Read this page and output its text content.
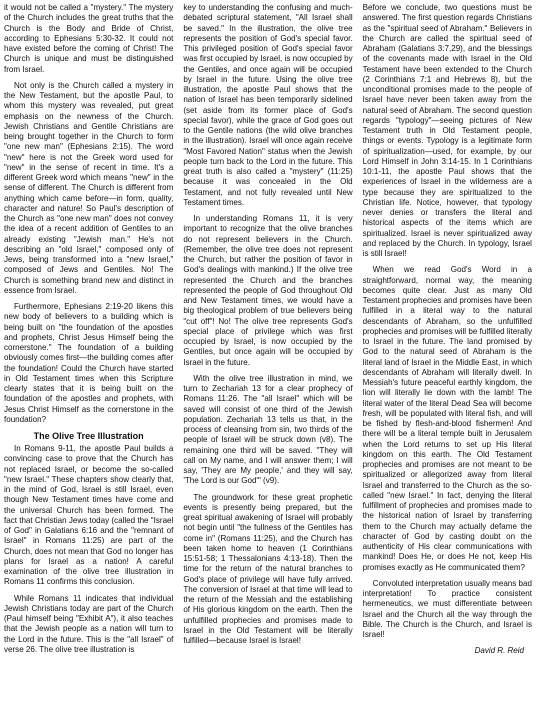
it would not be called a "mystery." The mystery of the Church includes the great truths that the Church is the Body and Bride of Christ, according to Ephesians 5:30-32. It could not have existed before the coming of Christ! The Church is unique and must be distinguished from Israel.

Not only is the Church called a mystery in the New Testament, but the apostle Paul, to whom this mystery was revealed, put great emphasis on the newness of the Church. Jewish Christians and Gentile Christians are being brought together in the Church to form "one new man" (Ephesians 2:15). The word "new" here is not the Greek word used for "new" in the sense of recent in time. It's a different Greek word which means "new" in the sense of different. The Church is different from anything which came before—in form, quality, character and nature! So Paul's description of the Church as "one new man" does not convey the idea of a recent addition of Gentiles to an already existing "Jewish man." He's not describing an "old Israel," composed only of Jews, being transformed into a "new Israel," composed of Jews and Gentiles. No! The Church is something brand new and distinct in essence from Israel.

Furthermore, Ephesians 2:19-20 likens this new body of believers to a building which is being built on "the foundation of the apostles and prophets, Christ Jesus Himself being the cornerstone." The foundation of a building obviously comes first—the building comes after the foundation! Could the Church have started in Old Testament times when this Scripture clearly states that it is being built on the foundation of the apostles and prophets, with Jesus Christ Himself as the cornerstone in the foundation?

The Olive Tree Illustration

In Romans 9-11, the apostle Paul builds a convincing case to prove that the Church has not replaced Israel, or become the so-called "new Israel." These chapters show clearly that, in the mind of God, Israel is still Israel, even though New Testament times have come and the universal Church has been formed. The fact that Christian Jews today (called the "Israel of God" in Galatians 6:16 and the "remnant of Israel" in Romans 11:25) are part of the Church, does not mean that God no longer has plans for Israel as a nation! A careful examination of the olive tree illustration in Romans 11 confirms this conclusion.

While Romans 11 indicates that individual Jewish Christians today are part of the Church (Paul himself being "Exhibit A"), it also teaches that the Jewish people as a nation will turn to the Lord in the future. This is the "all Israel" of verse 26. The olive tree illustration is

key to understanding the confusing and much-debated scriptural statement, "All Israel shall be saved." In the illustration, the olive tree represents the position of God's special favor. This privileged position of God's special favor was first occupied by Israel, is now occupied by the Gentiles, and once again will be occupied by Israel in the future. Using the olive tree illustration, the apostle Paul shows that the nation of Israel has been temporarily sidelined (set aside from its former place of God's special favor), while the grace of God goes out to the Gentile nations (the wild olive branches in the illustration). Israel will once again receive "Most Favored Nation" status when the Jewish people turn back to the Lord in the future. This great truth is also called a "mystery" (11:25) because it was concealed in the Old Testament, and not fully revealed until New Testament times.

In understanding Romans 11, it is very important to recognize that the olive branches do not represent believers in the Church. (Remember, the olive tree does not represent the Church, but rather the position of favor in God's dealings with mankind.) If the olive tree represented the Church and the branches represented the people of God throughout Old and New Testament times, we would have a big theological problem of true believers being "cut off"! No! The olive tree represents God's special place of privilege which was first occupied by Israel, is now occupied by the Gentiles, but once again will be occupied by Israel in the future.

With the olive tree illustration in mind, we turn to Zechariah 13 for a clear prophecy of Romans 11:26. The "all Israel" which will be saved will consist of one third of the Jewish population. Zechariah 13 tells us that, in the process of cleansing from sin, two thirds of the people of Israel will be struck down (v8). The remaining one third will be saved. "They will call on My name, and I will answer them; I will say, 'They are My people,' and they will say, 'The Lord is our God'" (v9).

The groundwork for these great prophetic events is presently being prepared, but the great spiritual awakening of Israel will probably not begin until "the fullness of the Gentiles has come in" (Romans 11:25), and the Church has been taken home to heaven (1 Corinthians 15:51-58; 1 Thessalonians 4:13-18). Then the time for the return of the natural branches to God's place of privilege will have fully arrived. The conversion of Israel at that time will lead to the return of the Messiah and the establishing of His glorious kingdom on the earth. Then the unfulfilled prophecies and promises made to Israel in the Old Testament will be literally fulfilled—because Israel is Israel!

Before we conclude, two questions must be answered. The first question regards Christians as the "spiritual seed of Abraham." Believers in the Church are called the spiritual seed of Abraham (Galatians 3:7,29), and the blessings of the covenants made with Israel in the Old Testament have been extended to the Church (2 Corinthians 7:1 and Hebrews 8), but the unconditional promises made to the people of Israel have never been taken away from the natural seed of Abraham. The second question regards "typology"—seeing pictures of New Testament truth in Old Testament people, things or events. Typology is a legitimate form of spiritualization—used, for example, by our Lord Himself in John 3:14-15. In 1 Corinthians 10:1-11, the apostle Paul shows that the experiences of Israel in the wilderness are a type because they are spiritualized to the Christian life. Notice, however, that typology never denies or transfers the literal and historical aspects of the items which are spiritualized. Israel is never spiritualized away and replaced by the Church. In typology, Israel is still Israel!

When we read God's Word in a straightforward, normal way, the meaning becomes quite clear. Just as many Old Testament prophecies and promises have been fulfilled in a literal way to the natural descendants of Abraham, so the unfulfilled prophecies and promises will be fulfilled literally to Israel in the future. The land promised by God to the natural seed of Abraham is the literal land of Israel in the Middle East, in which descendants of Abraham will literally dwell. In Messiah's future peaceful earthly kingdom, the lion will literally lie down with the lamb! The literal water of the literal Dead Sea will become fresh, will be populated with literal fish, and will be fished by flesh-and-blood fishermen! And there will be a literal temple built in Jerusalem when the Lord returns to set up His literal kingdom on this earth. The Old Testament prophecies and promises are not meant to be spiritualized or allegorized away from literal Israel and transferred to the Church as the so-called "new Israel." In fact, denying the literal fulfillment of prophecies and promises made to the historical nation of Israel by transferring them to the Church may actually defame the character of God by casting doubt on the authenticity of His clear communications with mankind! Does He, or does He not, keep His promises exactly as He communicated them?

Convoluted interpretation usually means bad interpretation! To practice consistent hermeneutics, we must differentiate between Israel and the Church all the way through the Bible. The Church is the Church, and Israel is Israel!

David R. Reid
